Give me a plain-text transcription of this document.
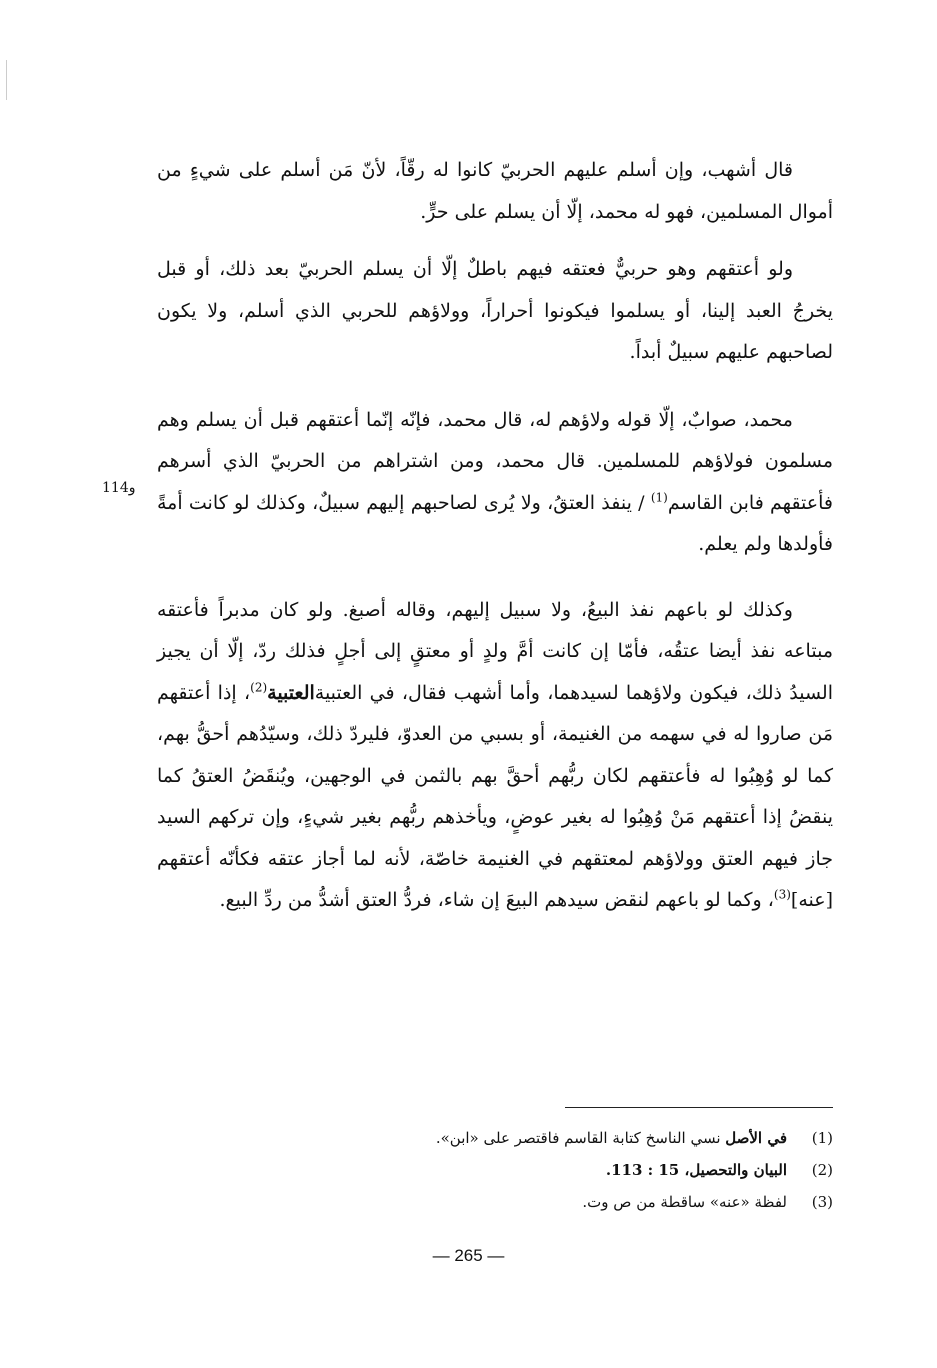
قال أشهب، وإن أسلم عليهم الحربيّ كانوا له رقّاً، لأنّ مَن أسلم على شيءٍ من أموال المسلمين، فهو له محمد، إلّا أن يسلم على حرٍّ.

ولو أعتقهم وهو حربيٌّ فعتقه فيهم باطلٌ إلّا أن يسلم الحربيّ بعد ذلك، أو قبل يخرجُ العبد إلينا، أو يسلموا فيكونوا أحراراً، وولاؤهم للحربي الذي أسلم، ولا يكون لصاحبهم عليهم سبيلٌ أبداً.

محمد، صوابٌ، إلّا قوله ولاؤهم له، قال محمد، فإنّه إنّما أعتقهم قبل أن يسلم وهم مسلمون فولاؤهم للمسلمين. قال محمد، ومن اشتراهم من الحربيّ الذي أسرهم فأعتقهم فابن القاسم$^{(1)}$ / ينفذ العتقُ، ولا يُرى لصاحبهم إليهم سبيلٌ، وكذلك لو كانت أمةً فأولدها ولم يعلم.

وكذلك لو باعهم نفذ البيعُ، ولا سبيل إليهم، وقاله أصبغ. ولو كان مدبراً فأعتقه مبتاعه نفذ أيضا عتقُه، فأمّا إن كانت أمَّ ولدٍ أو معتقٍ إلى أجلٍ فذلك ردّ، إلّا أن يجيز السيدُ ذلك، فيكون ولاؤهما لسيدهما، وأما أشهب فقال، في العتبيةالعتبية$^{(2)}$، إذا أعتقهم مَن صاروا له في سهمه من الغنيمة، أو بسبي من العدوّ، فليردّ ذلك، وسيّدُهم أحقُّ بهم، كما لو وُهِبُوا له فأعتقهم لكان ربُّهم أحقَّ بهم بالثمن في الوجهين، ويُنقَضُ العتقُ كما ينقضُ إذا أعتقهم مَنْ وُهِبُوا له بغير عوضٍ، ويأخذهم ربُّهم بغير شيءٍ، وإن تركهم السيد جاز فيهم العتق وولاؤهم لمعتقهم في الغنيمة خاصّة، لأنه لما أجاز عتقه فكأنّه أعتقهم [عنه]$^{(3)}$، وكما لو باعهم لنقض سيدهم البيعَ إن شاء، فردُّ العتق أشدُّ من ردِّ البيع.

114و
(1)
في الأصل نسي الناسخ كتابة القاسم فاقتصر على «ابن».
(2)
البيان والتحصيل، 15 : 113.
(3)
لفظة «عنه» ساقطة من ص وت.
— 265 —
